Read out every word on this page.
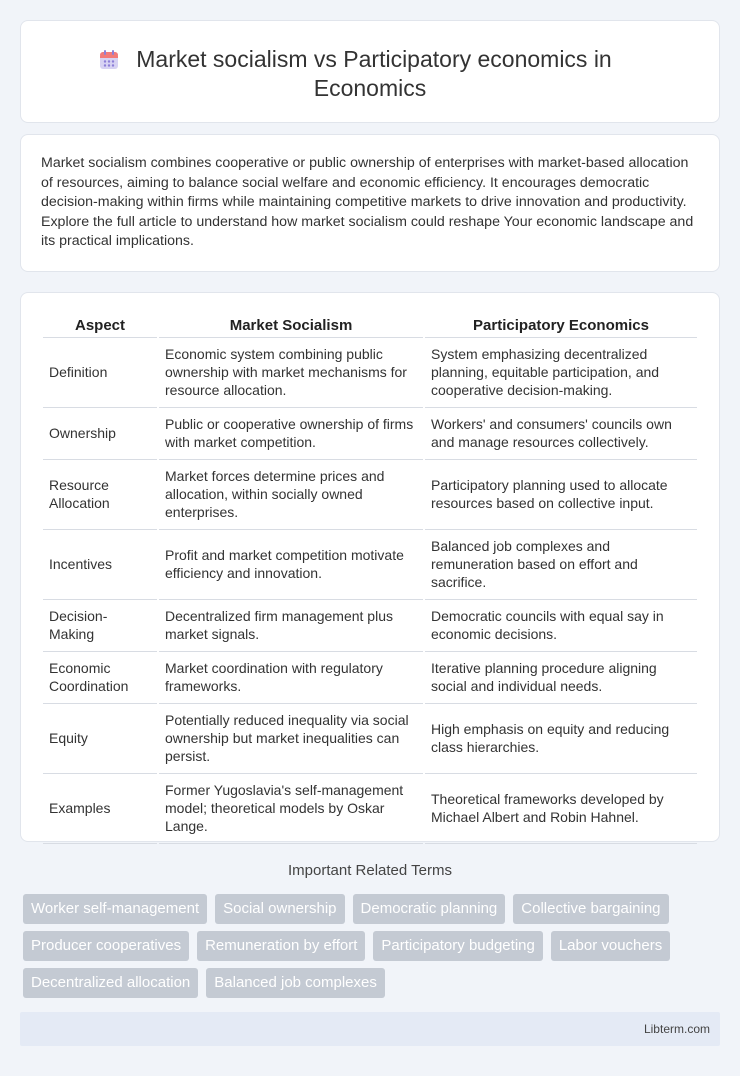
Market socialism vs Participatory economics in
Economics

Market socialism combines cooperative or public ownership of enterprises with market-based allocation of resources, aiming to balance social welfare and economic efficiency. It encourages democratic decision-making within firms while maintaining competitive markets to drive innovation and productivity. Explore the full article to understand how market socialism could reshape Your economic landscape and its practical implications.

Aspect	Market Socialism	Participatory Economics
Definition	Economic system combining public ownership with market mechanisms for resource allocation.	System emphasizing decentralized planning, equitable participation, and cooperative decision-making.
Ownership	Public or cooperative ownership of firms with market competition.	Workers' and consumers' councils own and manage resources collectively.
Resource Allocation	Market forces determine prices and allocation, within socially owned enterprises.	Participatory planning used to allocate resources based on collective input.
Incentives	Profit and market competition motivate efficiency and innovation.	Balanced job complexes and remuneration based on effort and sacrifice.
Decision-Making	Decentralized firm management plus market signals.	Democratic councils with equal say in economic decisions.
Economic Coordination	Market coordination with regulatory frameworks.	Iterative planning procedure aligning social and individual needs.
Equity	Potentially reduced inequality via social ownership but market inequalities can persist.	High emphasis on equity and reducing class hierarchies.
Examples	Former Yugoslavia's self-management model; theoretical models by Oskar Lange.	Theoretical frameworks developed by Michael Albert and Robin Hahnel.
Important Related Terms
Worker self-management	Social ownership	Democratic planning	Collective bargaining
Producer cooperatives	Remuneration by effort	Participatory budgeting	Labor vouchers
Decentralized allocation	Balanced job complexes
Libterm.com
